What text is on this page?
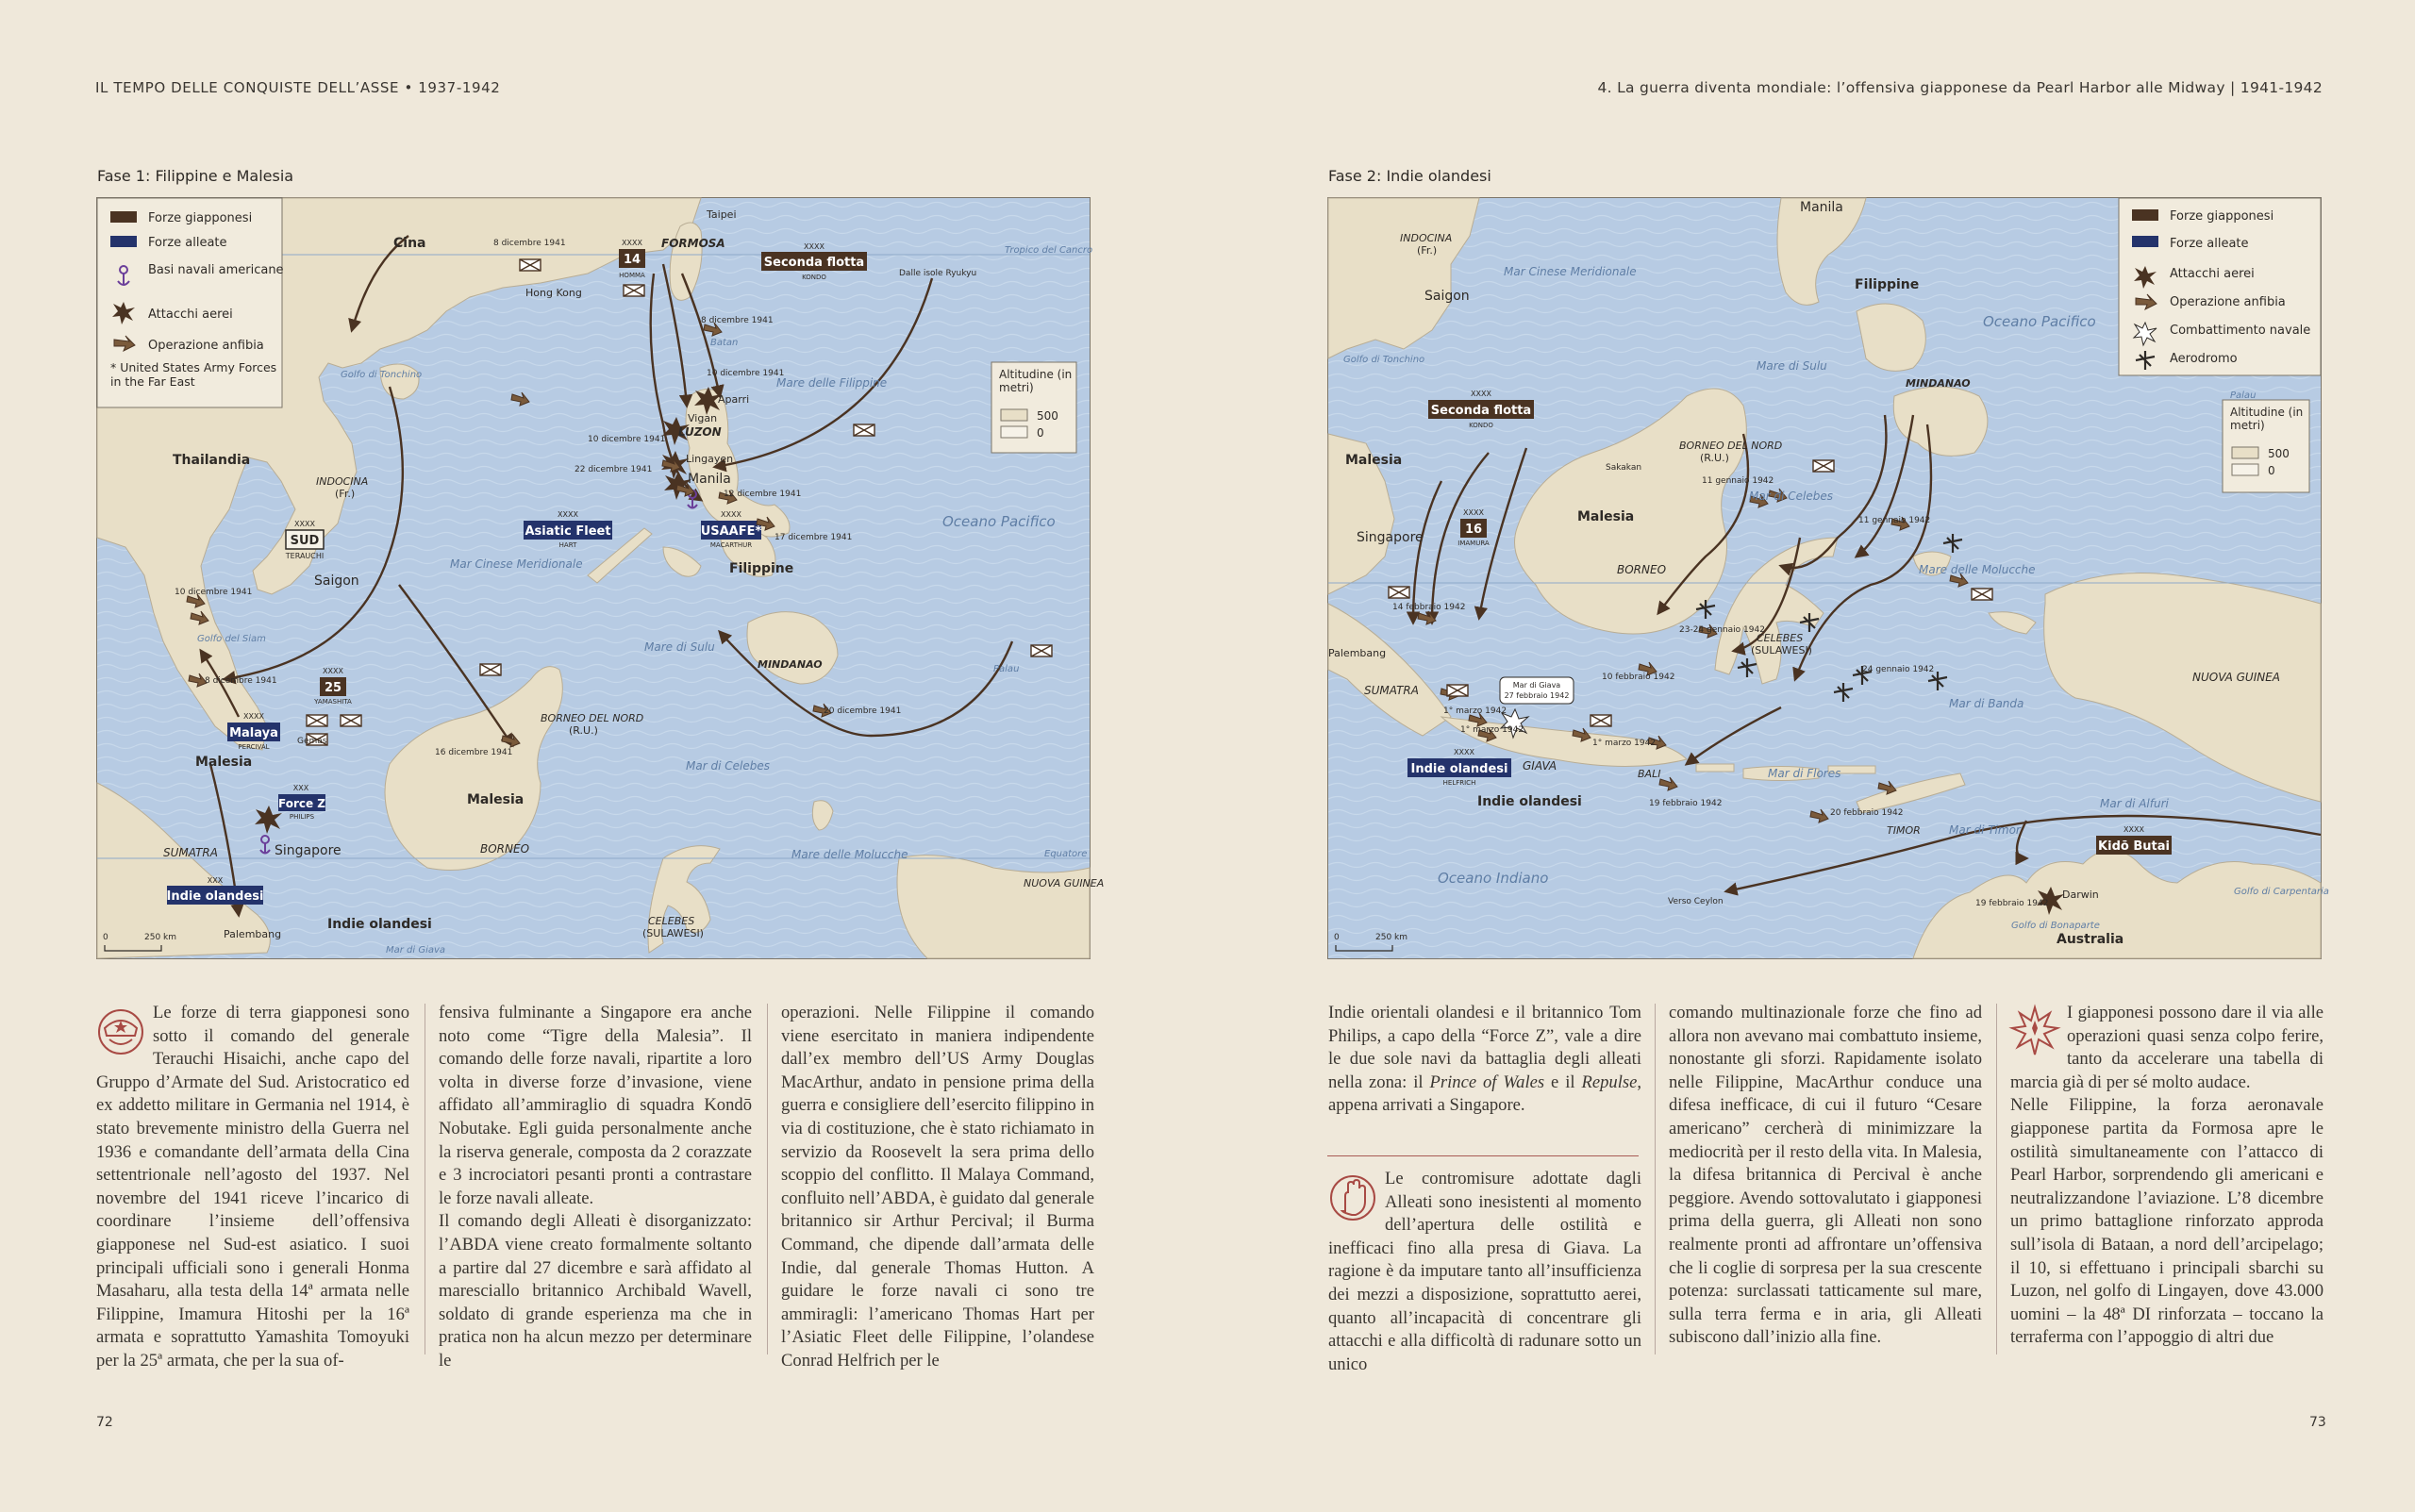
IL TEMPO DELLE CONQUISTE DELL’ASSE • 1937-1942	4. La guerra diventa mondiale: l’offensiva giapponese da Pearl Harbor alle Midway | 1941-1942
Fase 1: Filippine e Malesia	Fase 2: Indie olandesi
Forze giapponesi
Forze alleate
Basi navali americane
Attacchi aerei
Operazione anfibia
* United States Army Forces in the Far East	Altitudine (in metri)
500
0
XXXX
SUD
TERAUCHI
XXXX
14
HOMMA
XXXX
25
YAMASHITA
XXXX
Seconda flotta
KONDO
XXXX
Asiatic Fleet
HART
XXXX
USAAFE*
MACARTHUR
XXXX
Malaya
PERCIVAL
XXX
Force Z
PHILIPS
XXX
Indie olandesi
Cina
Thailandia
INDOCINA
(Fr.)
Saigon
FORMOSA
Taipei
Hong Kong
LUZON
Vigan
Aparri
Lingayen
Manila
Filippine
MINDANAO
Malesia
Malesia
BORNEO
BORNEO DEL NORD
(R.U.)
SUMATRA	Singapore
Indie olandesi	CELEBES
(SULAWESI)
NUOVA GUINEA
Palembang
Mar Cinese Meridionale
Mare di Sulu
Mar di Celebes
Mare delle Molucche
Mare delle Filippine
Oceano Pacifico
Golfo di Tonchino
Golfo del Siam
Palau
Tropico del Cancro
Equatore
Mar di Giava
Batan
Dalle isole Ryukyu
8 dicembre 1941
8 dicembre 1941
10 dicembre 1941
10 dicembre 1941
10 dicembre 1941
22 dicembre 1941
12 dicembre 1941
17 dicembre 1941
8 dicembre 1941
16 dicembre 1941
20 dicembre 1941
Gemas
0	250 km
Forze giapponesi
Forze alleate
Attacchi aerei
Operazione anfibia
Combattimento navale
Aerodromo
Altitudine (in metri)
500
0
XXXX
Seconda flotta
KONDO
XXXX
16
IMAMURA
XXXX
Indie olandesi
HELFRICH
XXXX
Kidō Butai
Mar di Giava
27 febbraio 1942
Manila
INDOCINA
(Fr.)
Saigon
Filippine
MINDANAO
Malesia
Malesia
Singapore
BORNEO DEL NORD
(R.U.)
BORNEO
SUMATRA
Palembang
CELEBES
(SULAWESI)
NUOVA GUINEA
GIAVA
BALI
TIMOR
Indie olandesi
Australia
Darwin
Sakakan
Verso Ceylon
Mar Cinese Meridionale
Oceano Pacifico
Mare di Sulu
Mar di Celebes
Mare delle Molucche
Mar di Banda
Mar di Flores
Mar di Timor
Mar di Alfuri
Oceano Indiano
Golfo di Carpentaria
Golfo di Bonaparte
Golfo di Tonchino
Palau
11 gennaio 1942
11 gennaio 1942
14 febbraio 1942
10 febbraio 1942
23-24 gennaio 1942
24 gennaio 1942
1° marzo 1942
1° marzo 1942
1° marzo 1942
19 febbraio 1942
20 febbraio 1942
19 febbraio 1942
0	250 km

Le forze di terra giapponesi sono sotto il comando del generale Terauchi Hisaichi, anche capo del Gruppo d’Armate del Sud. Aristocratico ed ex addetto militare in Germania nel 1914, è stato brevemente ministro della Guerra nel 1936 e comandante dell’armata della Cina settentrionale nell’agosto del 1937. Nel novembre del 1941 riceve l’incarico di coordinare l’insieme dell’offensiva giapponese nel Sud-est asiatico. I suoi principali ufficiali sono i generali Honma Masaharu, alla testa della 14ª armata nelle Filippine, Imamura Hitoshi per la 16ª armata e soprattutto Yamashita Tomoyuki per la 25ª armata, che per la sua of-

fensiva fulminante a Singapore era anche noto come “Tigre della Malesia”. Il comando delle forze navali, ripartite a loro volta in diverse forze d’invasione, viene affidato all’ammiraglio di squadra Kondō Nobutake. Egli guida personalmente anche la riserva generale, composta da 2 corazzate e 3 incrociatori pesanti pronti a contrastare le forze navali alleate.

Il comando degli Alleati è disorganizzato: l’ABDA viene creato formalmente soltanto a partire dal 27 dicembre e sarà affidato al maresciallo britannico Archibald Wavell, soldato di grande esperienza ma che in pratica non ha alcun mezzo per determinare le

operazioni. Nelle Filippine il comando viene esercitato in maniera indipendente dall’ex membro dell’US Army Douglas MacArthur, andato in pensione prima della guerra e consigliere dell’esercito filippino in via di costituzione, che è stato richiamato in servizio da Roosevelt la sera prima dello scoppio del conflitto. Il Malaya Command, confluito nell’ABDA, è guidato dal generale britannico sir Arthur Percival; il Burma Command, che dipende dall’armata delle Indie, dal generale Thomas Hutton. A guidare le forze navali ci sono tre ammiragli: l’americano Thomas Hart per l’Asiatic Fleet delle Filippine, l’olandese Conrad Helfrich per le

Indie orientali olandesi e il britannico Tom Philips, a capo della “Force Z”, vale a dire le due sole navi da battaglia degli alleati nella zona: il Prince of Wales e il Repulse, appena arrivati a Singapore.

Le contromisure adottate dagli Alleati sono inesistenti al momento dell’apertura delle ostilità e inefficaci fino alla presa di Giava. La ragione è da imputare tanto all’insufficienza dei mezzi a disposizione, soprattutto aerei, quanto all’incapacità di concentrare gli attacchi e alla difficoltà di radunare sotto un unico

comando multinazionale forze che fino ad allora non avevano mai combattuto insieme, nonostante gli sforzi. Rapidamente isolato nelle Filippine, MacArthur conduce una difesa inefficace, di cui il futuro “Cesare americano” cercherà di minimizzare la mediocrità per il resto della vita. In Malesia, la difesa britannica di Percival è anche peggiore. Avendo sottovalutato i giapponesi prima della guerra, gli Alleati non sono realmente pronti ad affrontare un’offensiva che li coglie di sorpresa per la sua crescente potenza: surclassati tatticamente sul mare, sulla terra ferma e in aria, gli Alleati subiscono dall’inizio alla fine.

I giapponesi possono dare il via alle operazioni quasi senza colpo ferire, tanto da accelerare una tabella di marcia già di per sé molto audace.

Nelle Filippine, la forza aeronavale giapponese partita da Formosa apre le ostilità simultaneamente con l’attacco di Pearl Harbor, sorprendendo gli americani e neutralizzandone l’aviazione. L’8 dicembre un primo battaglione rinforzato approda sull’isola di Bataan, a nord dell’arcipelago; il 10, si effettuano i principali sbarchi su Luzon, nel golfo di Lingayen, dove 43.000 uomini – la 48ª DI rinforzata – toccano la terraferma con l’appoggio di altri due

72	73
